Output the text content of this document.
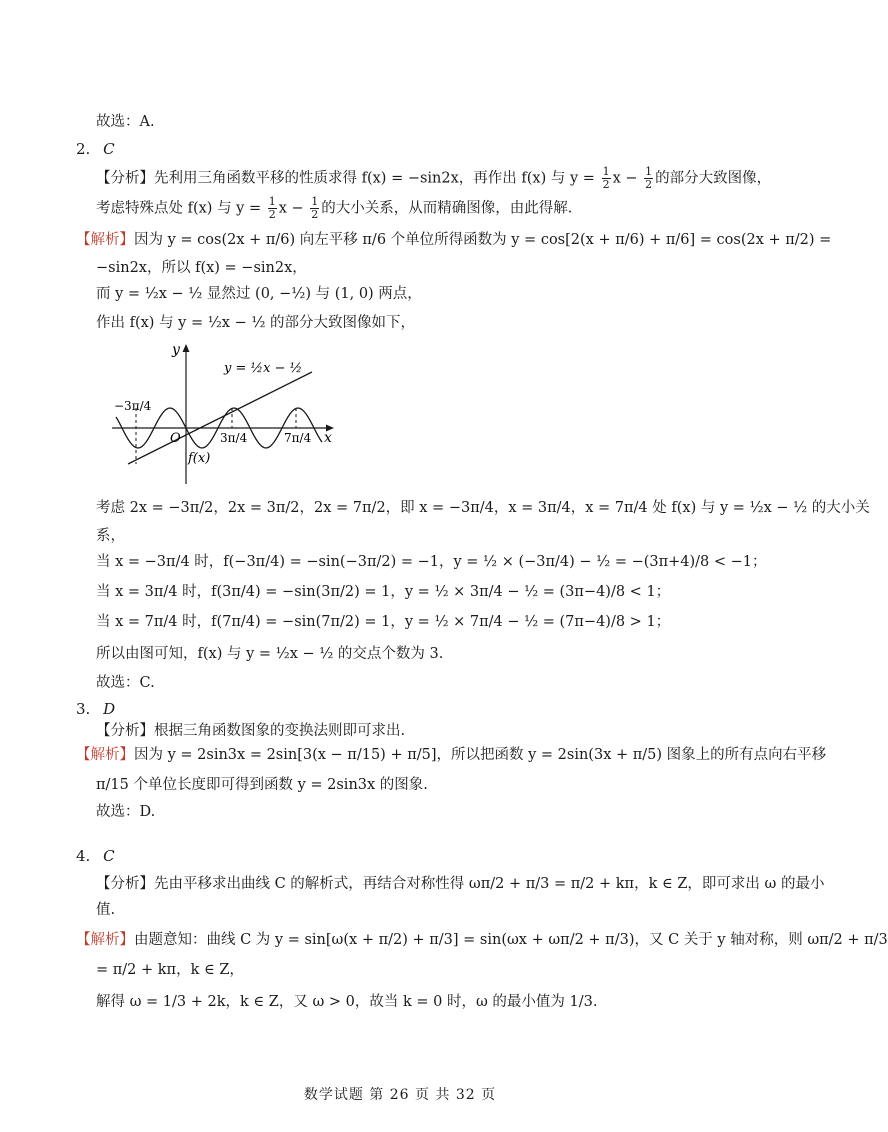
故选：A.
2. C
【分析】先利用三角函数平移的性质求得 f(x) = −sin2x，再作出 f(x) 与 $y = \frac{1}{2}$ $x - \frac{1}{2}$ 的部分大致图像，
考虑特殊点处 f(x) 与 $y = \frac{1}{2}$ $x - \frac{1}{2}$ 的大小关系，从而精确图像，由此得解.
【解析】因为 y = cos(2x + π/6) 向左平移 π/6 个单位所得函数为 y = cos[2(x + π/6) + π/6] = cos(2x + π/2) =
−sin2x，所以 f(x) = −sin2x，
而 y = ½x − ½ 显然过 (0, −½) 与 (1, 0) 两点，
作出 f(x) 与 y = ½x − ½ 的部分大致图像如下，
y
x
O
f(x)
y = ½x − ½
−3π/4
3π/4	7π/4
考虑 2x = −3π/2，2x = 3π/2，2x = 7π/2，即 x = −3π/4，x = 3π/4，x = 7π/4 处 f(x) 与 y = ½x − ½ 的大小关
系，
当 x = −3π/4 时，f(−3π/4) = −sin(−3π/2) = −1，y = ½ × (−3π/4) − ½ = −(3π+4)/8 < −1；
当 x = 3π/4 时，f(3π/4) = −sin(3π/2) = 1，y = ½ × 3π/4 − ½ = (3π−4)/8 < 1；
当 x = 7π/4 时，f(7π/4) = −sin(7π/2) = 1，y = ½ × 7π/4 − ½ = (7π−4)/8 > 1；
所以由图可知，f(x) 与 y = ½x − ½ 的交点个数为 3.
故选：C.
3. D
【分析】根据三角函数图象的变换法则即可求出.
【解析】因为 y = 2sin3x = 2sin[3(x − π/15) + π/5]，所以把函数 y = 2sin(3x + π/5) 图象上的所有点向右平移
π/15 个单位长度即可得到函数 y = 2sin3x 的图象.
故选：D.
4. C
【分析】先由平移求出曲线 C 的解析式，再结合对称性得 ωπ/2 + π/3 = π/2 + kπ，k ∈ Z，即可求出 ω 的最小
值.
【解析】由题意知：曲线 C 为 y = sin[ω(x + π/2) + π/3] = sin(ωx + ωπ/2 + π/3)，又 C 关于 y 轴对称，则 ωπ/2 + π/3
= π/2 + kπ，k ∈ Z，
解得 ω = 1/3 + 2k，k ∈ Z，又 ω > 0，故当 k = 0 时，ω 的最小值为 1/3.
数学试题 第 26 页 共 32 页
